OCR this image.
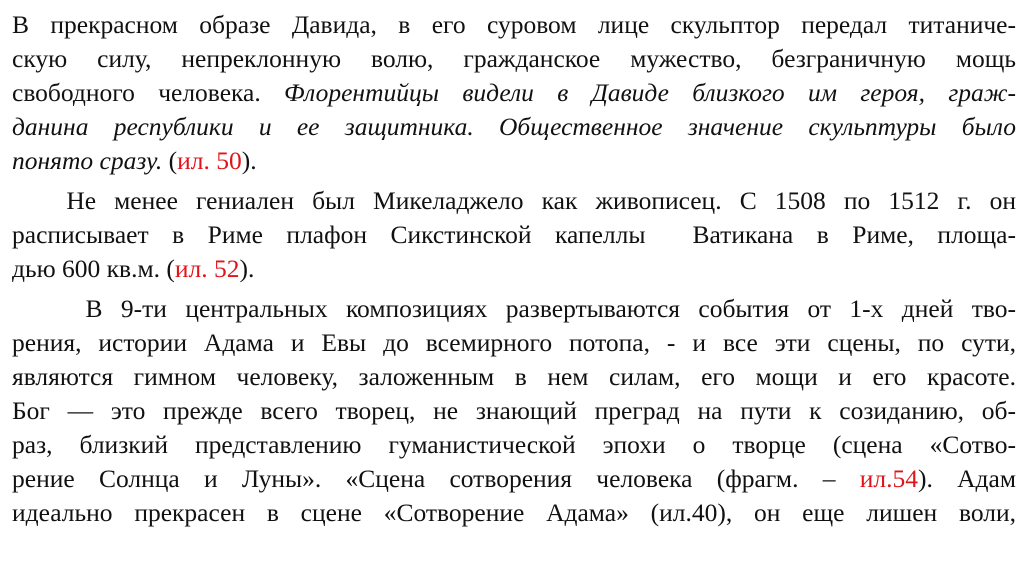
В прекрасном образе Давида, в его суровом лице скульптор передал титаниче-
скую силу, непреклонную волю, гражданское мужество, безграничную мощь
свободного человека. Флорентийцы видели в Давиде близкого им героя, граж-
данина республики и ее защитника. Общественное значение скульптуры было
понято сразу. (ил. 50).
Не менее гениален был Микеладжело как живописец. С 1508 по 1512 г. он
расписывает в Риме плафон Сикстинской капеллы  Ватикана в Риме, площа-
дью 600 кв.м. (ил. 52).
В 9-ти центральных композициях развертываются события от 1-х дней тво-
рения, истории Адама и Евы до всемирного потопа, - и все эти сцены, по сути,
являются гимном человеку, заложенным в нем силам, его мощи и его красоте.
Бог — это прежде всего творец, не знающий преград на пути к созиданию, об-
раз, близкий представлению гуманистической эпохи о творце (сцена «Сотво-
рение Солнца и Луны». «Сцена сотворения человека (фрагм. – ил.54). Адам
идеально прекрасен в сцене «Сотворение Адама» (ил.40), он еще лишен воли,
